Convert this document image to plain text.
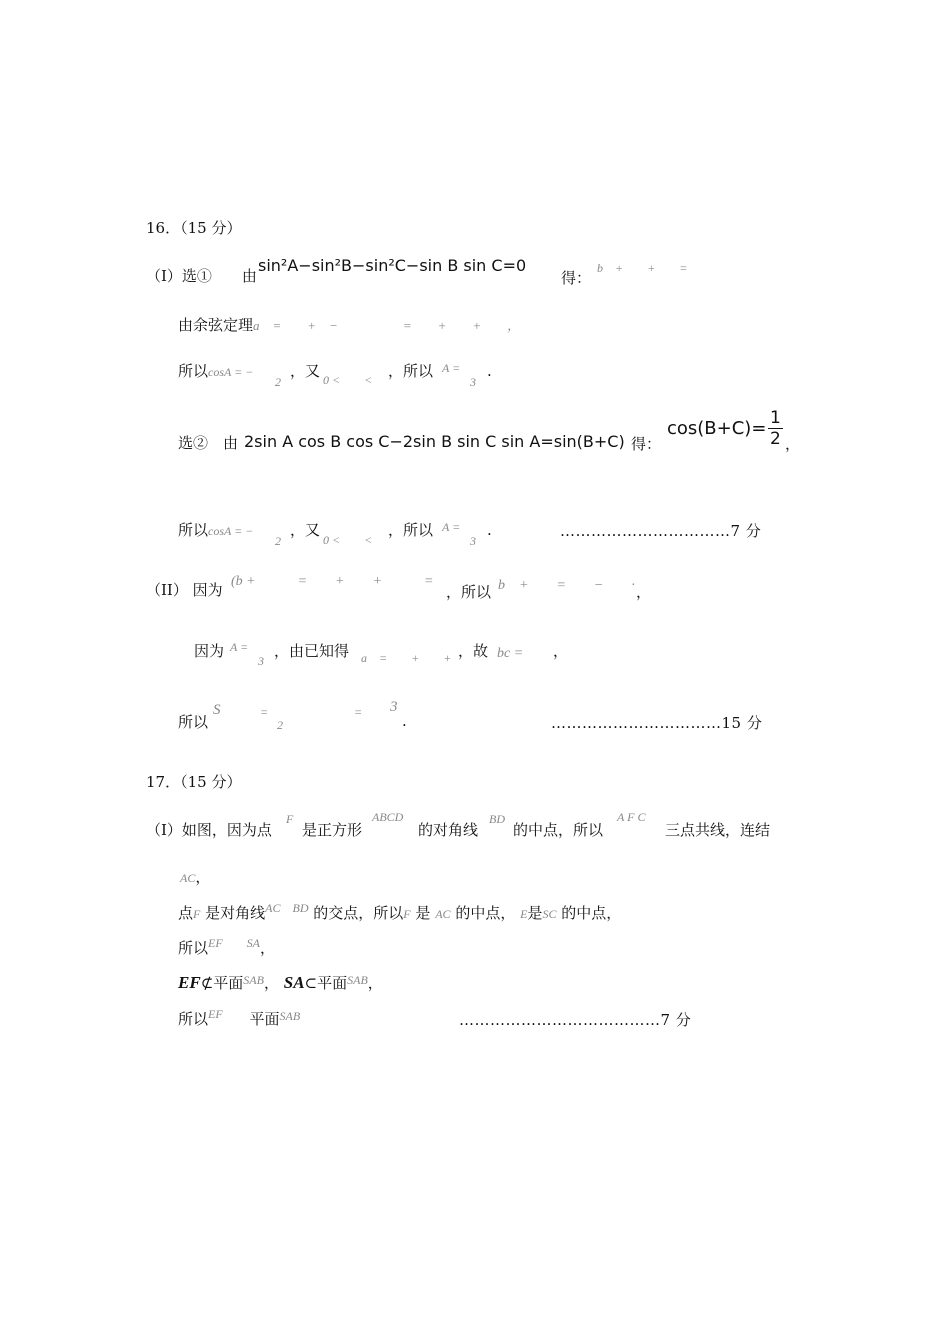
16．（15 分）
（I）选①　　由
sin²A−sin²B−sin²C−sin B sin C=0
得：
b　+　　+　　=
由余弦定理a　=　　+　−　　　　　=　　+　　+　　，
所以cosA = −
2
，又 0 <　　< ，所以 A =
3
.
选②　由 2sin A cos B cos C−2sin B sin C sin A=sin(B+C) 得：
$\cos(B+C)= \frac{1}{2}$ ，
所以cosA = −
2
，又
0 <　　<
，所以 A =
3
.	……………………………7 分
（II） 因为 (b +　　　=　　+　　+　　　=
，所以 b　+　　=　　−　　· ，
因为 A =
3
，由已知得 a　=　　+　　+ ，故 bc = ，
所以
S	=
2
= 3
.	……………………………15 分
17．（15 分）
（I）如图，因为点
F
是正方形
ABCD
的对角线
BD
的中点，所以
A F C
三点共线，连结
AC，
点F 是对角线$^{AC BD}$ 的交点，所以F 是 AC 的中点， E是SC 的中点，
所以$^{EF SA}$，
EF⊄平面$^{SAB}$， SA⊂平面$^{SAB}$，
所以$^{EF}$ 平面$^{SAB}$	…………………………………7 分
